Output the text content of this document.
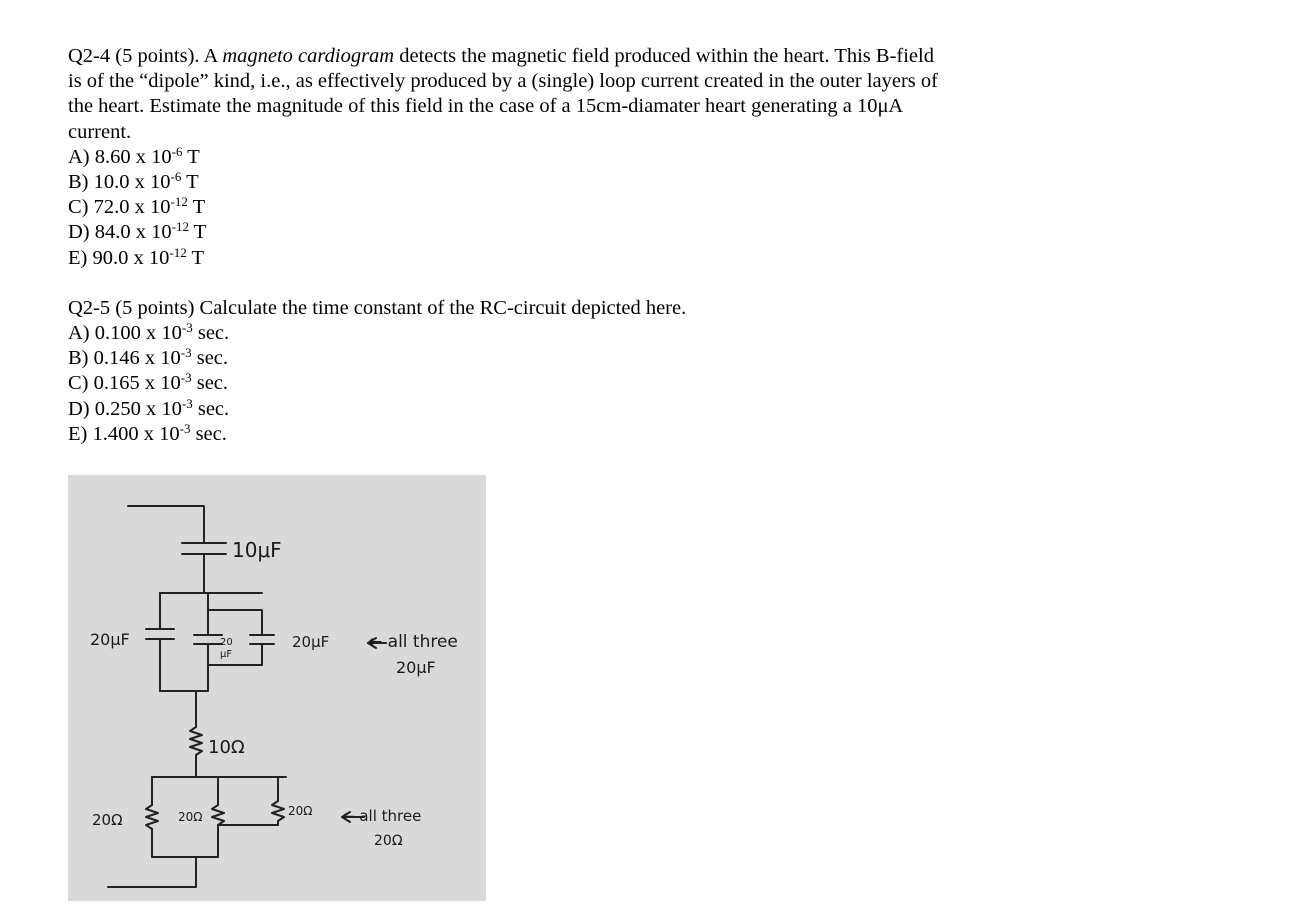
Q2-4 (5 points). A magneto cardiogram detects the magnetic field produced within the heart. This B-field is of the “dipole” kind, i.e., as effectively produced by a (single) loop current created in the outer layers of the heart. Estimate the magnitude of this field in the case of a 15cm-diamater heart generating a 10μA current.

A) 8.60 x $10^{-6}$ T
B) 10.0 x $10^{-6}$ T
C) 72.0 x $10^{-12}$ T
D) 84.0 x $10^{-12}$ T
E) 90.0 x $10^{-12}$ T

Q2-5 (5 points) Calculate the time constant of the RC-circuit depicted here.

A) 0.100 x $10^{-3}$ sec.
B) 0.146 x $10^{-3}$ sec.
C) 0.165 x $10^{-3}$ sec.
D) 0.250 x $10^{-3}$ sec.
E) 1.400 x $10^{-3}$ sec.
10μF
20μF	20
μF
20μF ← all three
20μF
10Ω
20Ω	20Ω	20Ω ← all three
20Ω
